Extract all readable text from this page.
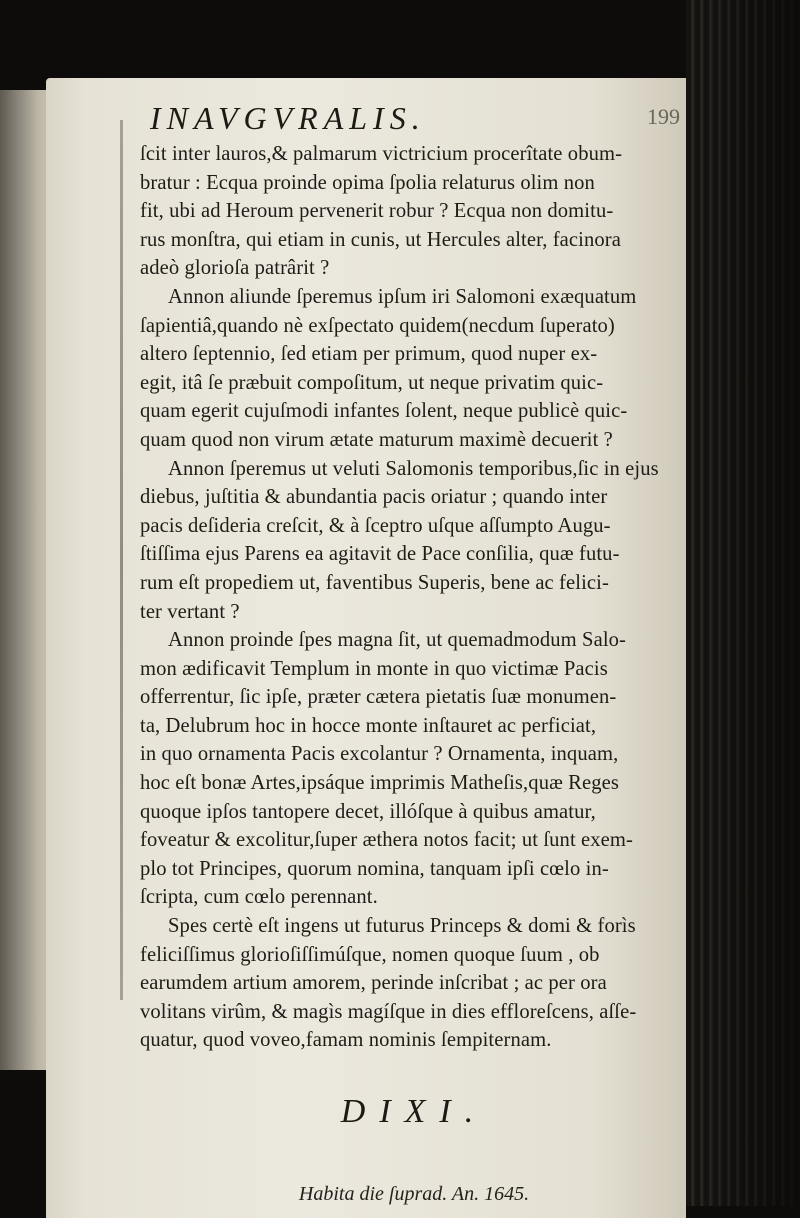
INAVGVRALIS.	199
ſcit inter lauros,& palmarum victricium procerîtate obum-
bratur : Ecqua proinde opima ſpolia relaturus olim non
fit, ubi ad Heroum pervenerit robur ? Ecqua non domitu-
rus monſtra, qui etiam in cunis, ut Hercules alter, facinora
adeò glorioſa patrârit ?
Annon aliunde ſperemus ipſum iri Salomoni exæquatum
ſapientiâ,quando nè exſpectato quidem(necdum ſuperato)
altero ſeptennio, ſed etiam per primum, quod nuper ex-
egit, itâ ſe præbuit compoſitum, ut neque privatim quic-
quam egerit cujuſmodi infantes ſolent, neque publicè quic-
quam quod non virum ætate maturum maximè decuerit ?
Annon ſperemus ut veluti Salomonis temporibus,ſic in ejus
diebus, juſtitia & abundantia pacis oriatur ; quando inter
pacis deſideria creſcit, & à ſceptro uſque aſſumpto Augu-
ſtiſſima ejus Parens ea agitavit de Pace conſilia, quæ futu-
rum eſt propediem ut, faventibus Superis, bene ac felici-
ter vertant ?
Annon proinde ſpes magna ſit, ut quemadmodum Salo-
mon ædificavit Templum in monte in quo victimæ Pacis
offerrentur, ſic ipſe, præter cætera pietatis ſuæ monumen-
ta, Delubrum hoc in hocce monte inſtauret ac perficiat,
in quo ornamenta Pacis excolantur ? Ornamenta, inquam,
hoc eſt bonæ Artes,ipsáque imprimis Matheſis,quæ Reges
quoque ipſos tantopere decet, illóſque à quibus amatur,
foveatur & excolitur,ſuper æthera notos facit; ut ſunt exem-
plo tot Principes, quorum nomina, tanquam ipſi cœlo in-
ſcripta, cum cœlo perennant.
Spes certè eſt ingens ut futurus Princeps & domi & forìs
feliciſſimus glorioſiſſimúſque, nomen quoque ſuum , ob
earumdem artium amorem, perinde inſcribat ; ac per ora
volitans virûm, & magìs magíſque in dies effloreſcens, aſſe-
quatur, quod voveo,famam nominis ſempiternam.
DIXI.
Habita die ſuprad. An. 1645.
